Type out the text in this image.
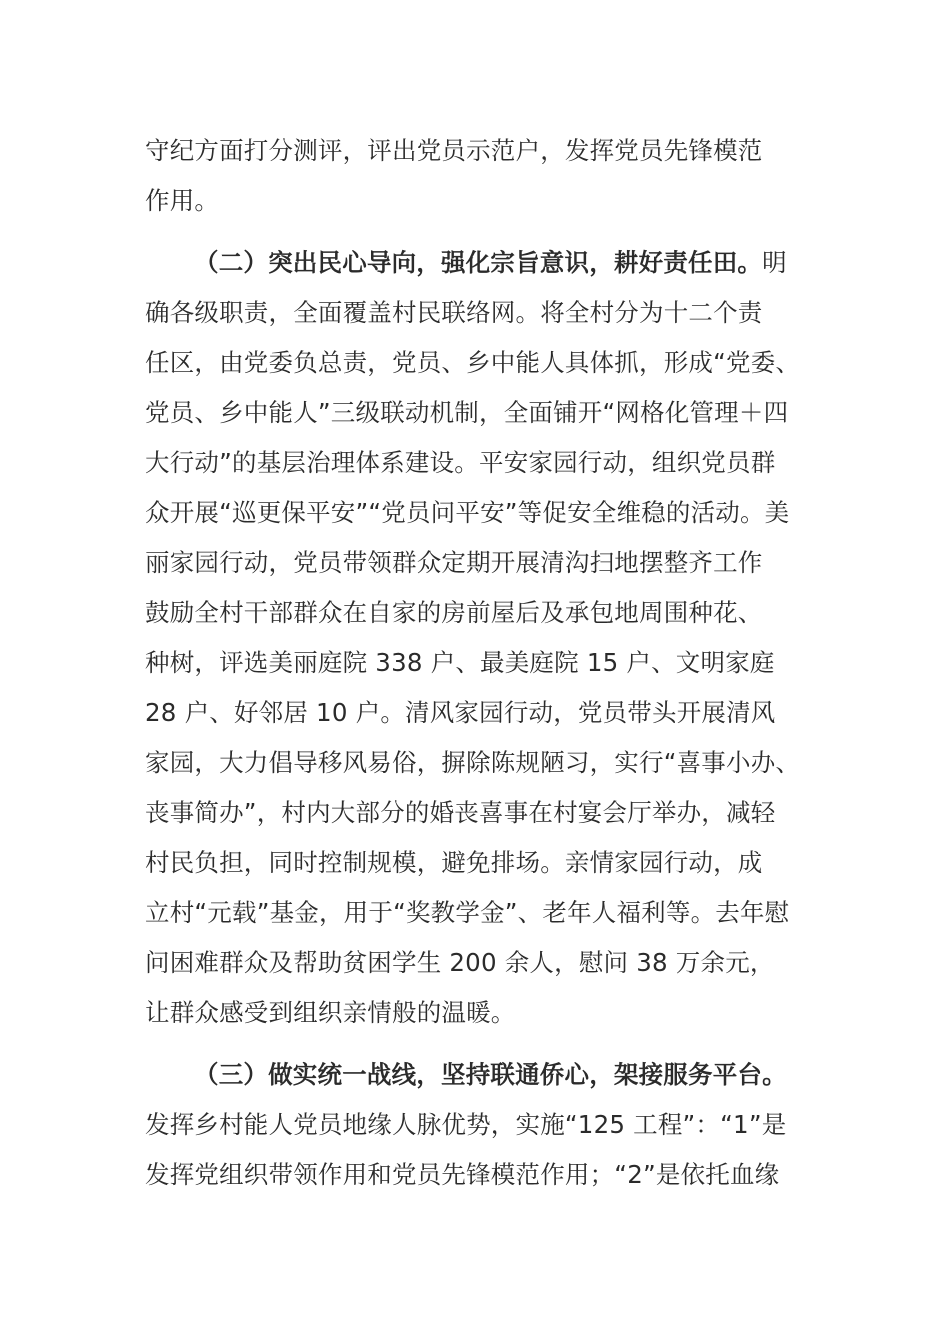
守纪方面打分测评，评出党员示范户，发挥党员先锋模范
作用。
（二）突出民心导向，强化宗旨意识，耕好责任田。明
确各级职责，全面覆盖村民联络网。将全村分为十二个责
任区，由党委负总责，党员、乡中能人具体抓，形成“党委、
党员、乡中能人”三级联动机制，全面铺开“网格化管理＋四
大行动”的基层治理体系建设。平安家园行动，组织党员群
众开展“巡更保平安”“党员问平安”等促安全维稳的活动。美
丽家园行动，党员带领群众定期开展清沟扫地摆整齐工作
鼓励全村干部群众在自家的房前屋后及承包地周围种花、
种树，评选美丽庭院 338 户、最美庭院 15 户、文明家庭
28 户、好邻居 10 户。清风家园行动，党员带头开展清风
家园，大力倡导移风易俗，摒除陈规陋习，实行“喜事小办、
丧事简办”，村内大部分的婚丧喜事在村宴会厅举办，减轻
村民负担，同时控制规模，避免排场。亲情家园行动，成
立村“元载”基金，用于“奖教学金”、老年人福利等。去年慰
问困难群众及帮助贫困学生 200 余人，慰问 38 万余元，
让群众感受到组织亲情般的温暖。
（三）做实统一战线，坚持联通侨心，架接服务平台。
发挥乡村能人党员地缘人脉优势，实施“125 工程”：“1”是
发挥党组织带领作用和党员先锋模范作用；“2”是依托血缘
